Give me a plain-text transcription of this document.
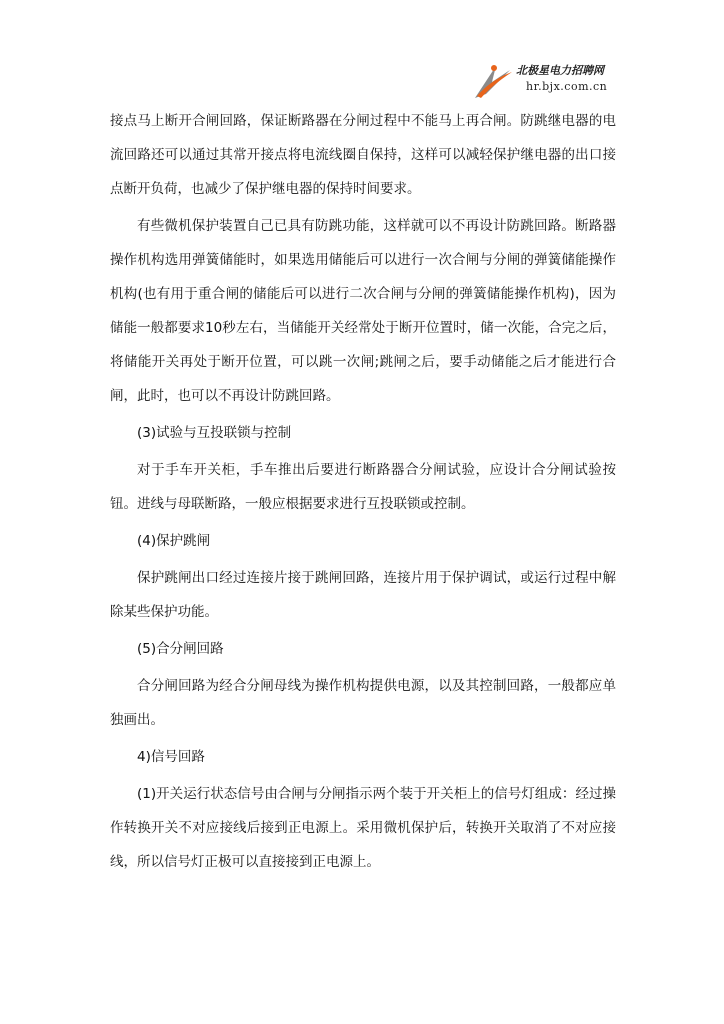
北极星电力招聘网
hr.bjx.com.cn

接点马上断开合闸回路，保证断路器在分闸过程中不能马上再合闸。防跳继电器的电流回路还可以通过其常开接点将电流线圈自保持，这样可以减轻保护继电器的出口接点断开负荷，也减少了保护继电器的保持时间要求。

有些微机保护装置自己已具有防跳功能，这样就可以不再设计防跳回路。断路器操作机构选用弹簧储能时，如果选用储能后可以进行一次合闸与分闸的弹簧储能操作机构(也有用于重合闸的储能后可以进行二次合闸与分闸的弹簧储能操作机构)，因为储能一般都要求10秒左右，当储能开关经常处于断开位置时，储一次能，合完之后，将储能开关再处于断开位置，可以跳一次闸;跳闸之后，要手动储能之后才能进行合闸，此时，也可以不再设计防跳回路。

(3)试验与互投联锁与控制

对于手车开关柜，手车推出后要进行断路器合分闸试验，应设计合分闸试验按钮。进线与母联断路，一般应根据要求进行互投联锁或控制。

(4)保护跳闸

保护跳闸出口经过连接片接于跳闸回路，连接片用于保护调试，或运行过程中解除某些保护功能。

(5)合分闸回路

合分闸回路为经合分闸母线为操作机构提供电源，以及其控制回路，一般都应单独画出。

4)信号回路

(1)开关运行状态信号由合闸与分闸指示两个装于开关柜上的信号灯组成：经过操作转换开关不对应接线后接到正电源上。采用微机保护后，转换开关取消了不对应接线，所以信号灯正极可以直接接到正电源上。
